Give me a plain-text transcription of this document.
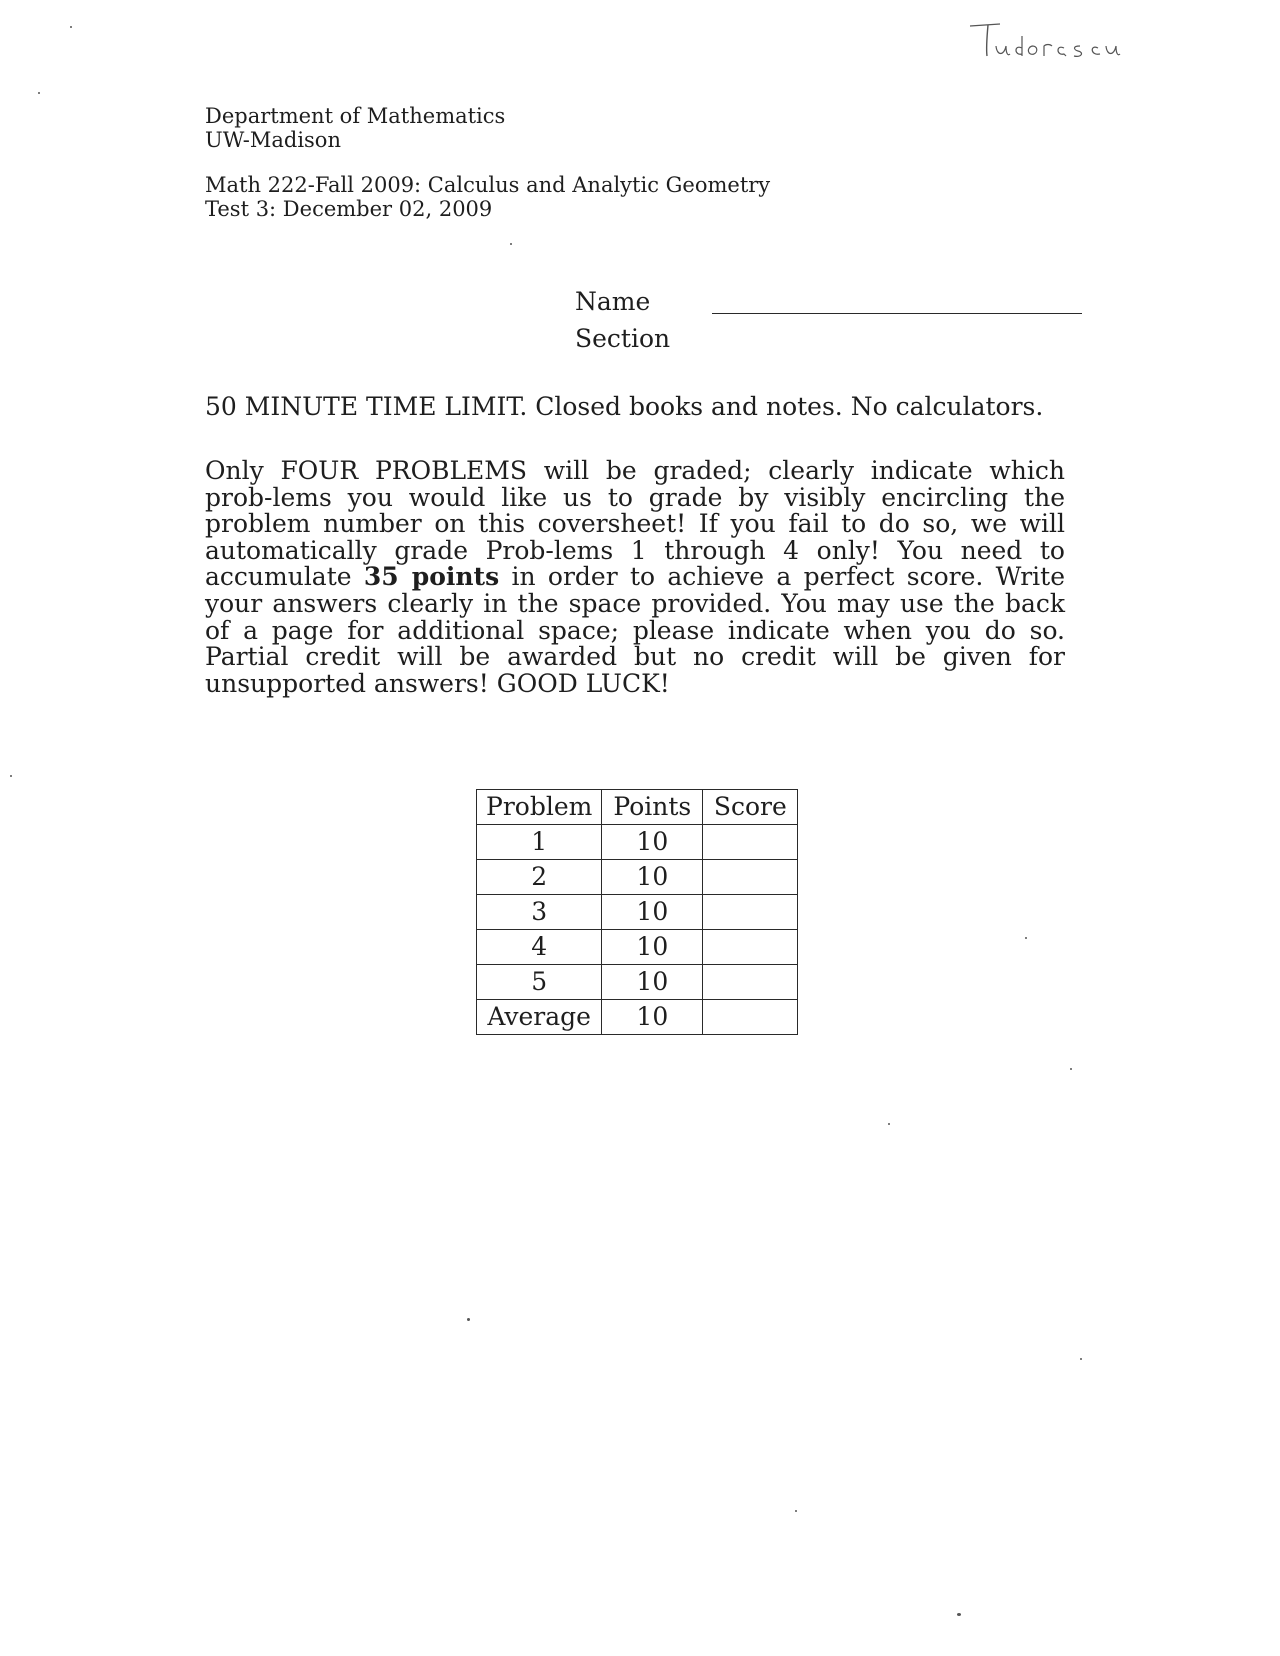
Department of Mathematics
UW-Madison
Math 222-Fall 2009: Calculus and Analytic Geometry
Test 3: December 02, 2009
Name
Section
50 MINUTE TIME LIMIT. Closed books and notes. No calculators.
Only FOUR PROBLEMS will be graded; clearly indicate which prob-lems you would like us to grade by visibly encircling the problem number on this coversheet! If you fail to do so, we will automatically grade Prob-lems 1 through 4 only! You need to accumulate 35 points in order to achieve a perfect score. Write your answers clearly in the space provided. You may use the back of a page for additional space; please indicate when you do so. Partial credit will be awarded but no credit will be given for unsupported answers! GOOD LUCK!
Problem	Points	Score
1	10	
2	10	
3	10	
4	10	
5	10	
Average	10	
